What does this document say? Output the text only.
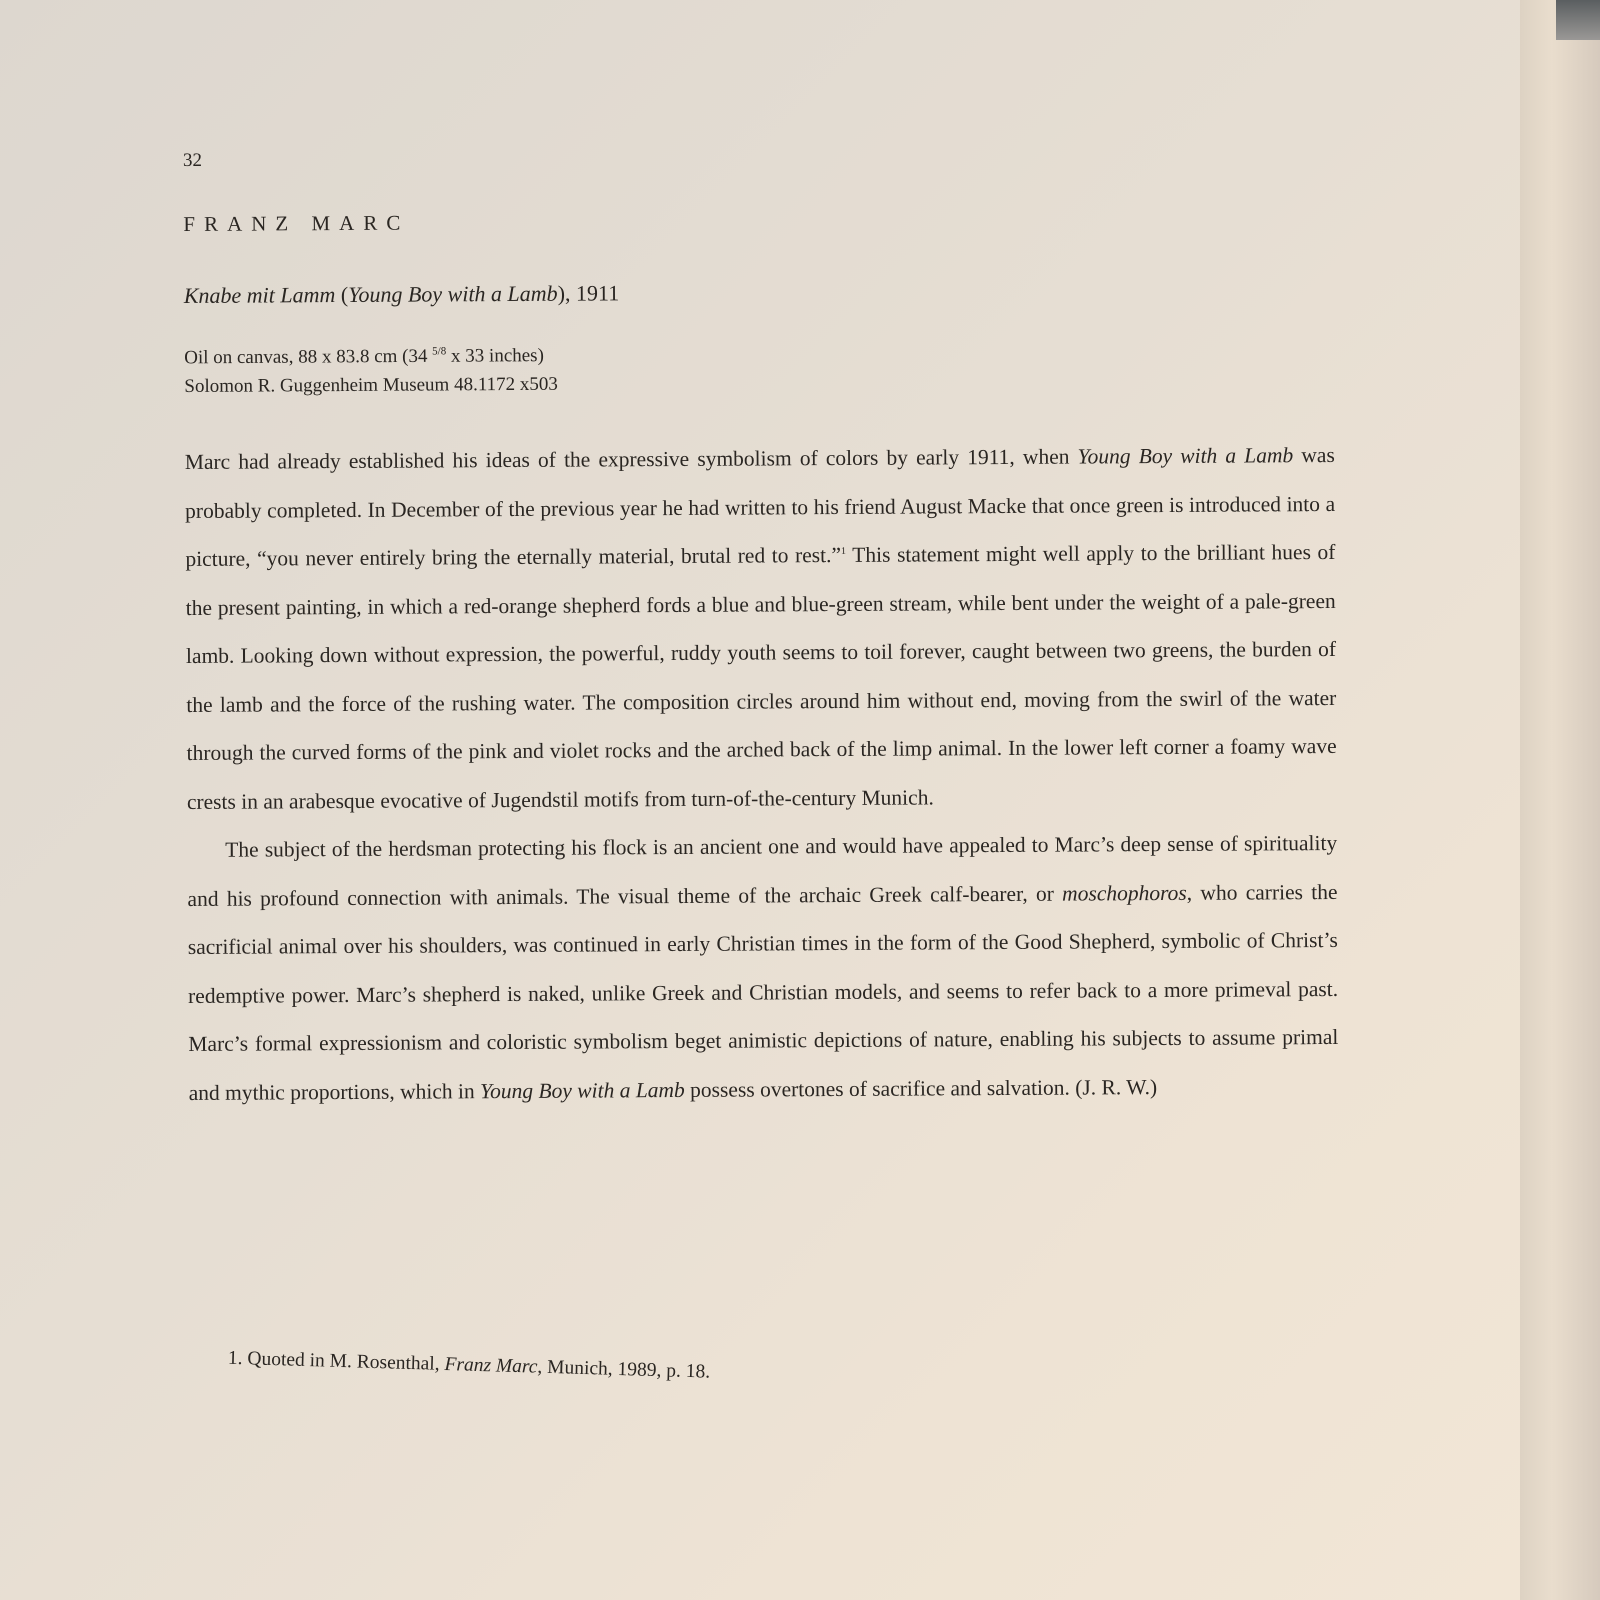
32
FRANZ MARC
Knabe mit Lamm (Young Boy with a Lamb), 1911
Oil on canvas, 88 x 83.8 cm (34 $^{5/8}$ x 33 inches)
Solomon R. Guggenheim Museum 48.1172 x503

Marc had already established his ideas of the expressive symbolism of colors by early 1911, when Young Boy with a Lamb was probably completed. In December of the previous year he had written to his friend August Macke that once green is introduced into a picture, “you never entirely bring the eternally material, brutal red to rest.”$^1$ This statement might well apply to the brilliant hues of the present painting, in which a red-orange shepherd fords a blue and blue-green stream, while bent under the weight of a pale-green lamb. Looking down without expression, the powerful, ruddy youth seems to toil forever, caught between two greens, the burden of the lamb and the force of the rushing water. The composition circles around him without end, moving from the swirl of the water through the curved forms of the pink and violet rocks and the arched back of the limp animal. In the lower left corner a foamy wave crests in an arabesque evocative of Jugendstil motifs from turn-of-the-century Munich.

The subject of the herdsman protecting his flock is an ancient one and would have appealed to Marc’s deep sense of spirituality and his profound connection with animals. The visual theme of the archaic Greek calf-bearer, or moschophoros, who carries the sacrificial animal over his shoulders, was continued in early Christian times in the form of the Good Shepherd, symbolic of Christ’s redemptive power. Marc’s shepherd is naked, unlike Greek and Christian models, and seems to refer back to a more primeval past. Marc’s formal expressionism and coloristic symbolism beget animistic depictions of nature, enabling his subjects to assume primal and mythic proportions, which in Young Boy with a Lamb possess overtones of sacrifice and salvation. (J. R. W.)

1. Quoted in M. Rosenthal, Franz Marc, Munich, 1989, p. 18.
